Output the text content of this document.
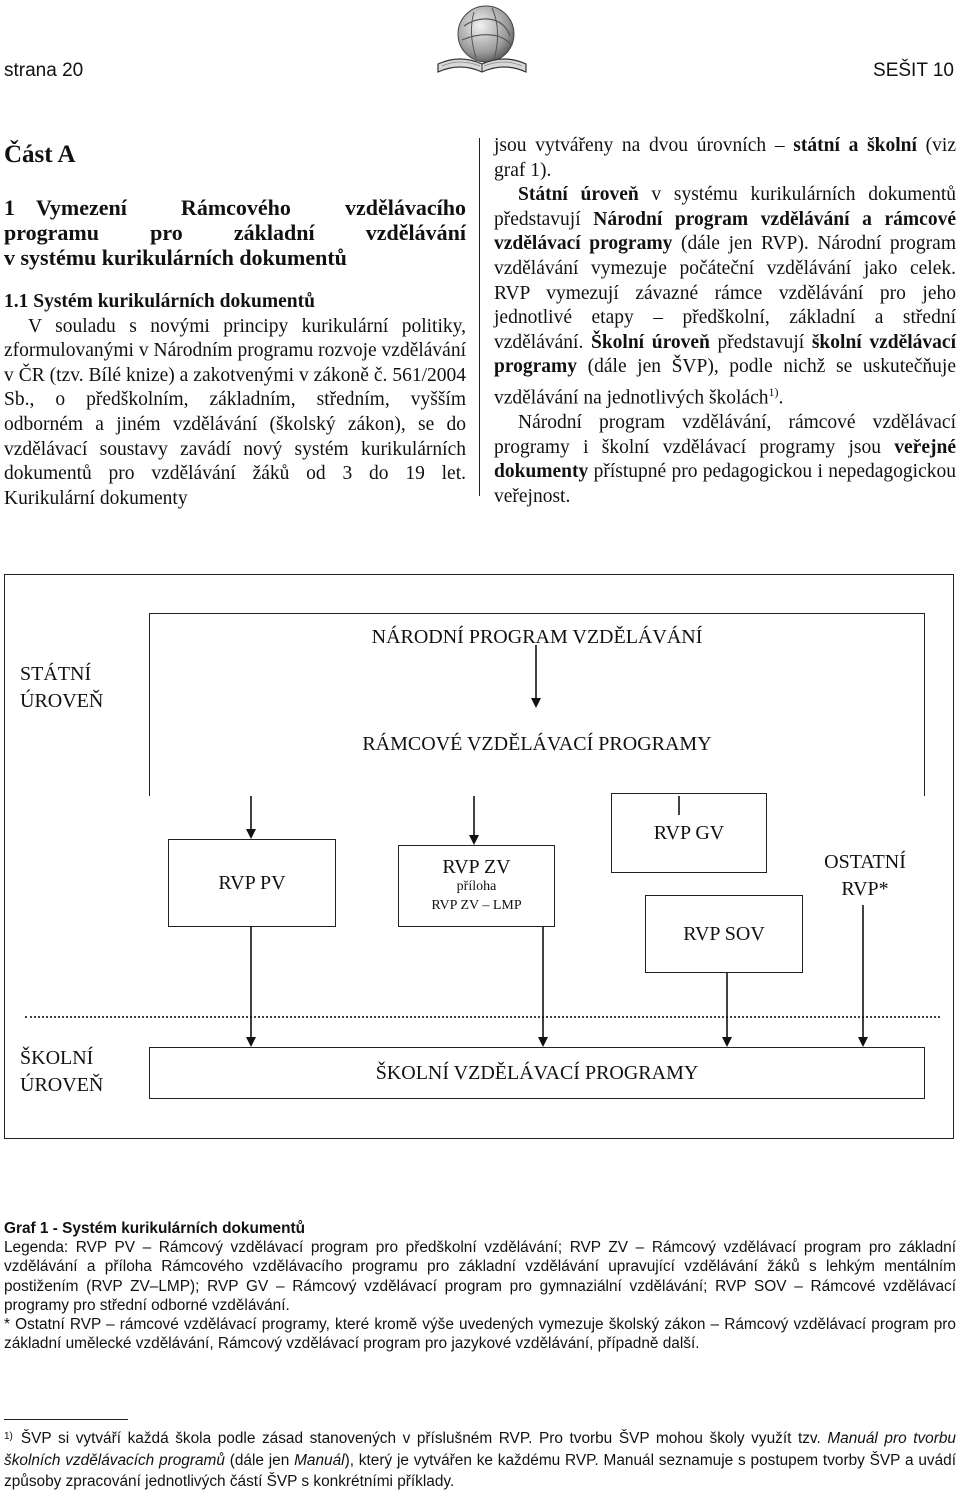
strana 20	SEŠIT 10
Část A
1 Vymezení Rámcového vzdělávacího
programu pro základní vzdělávání
v systému kurikulárních dokumentů

1.1 Systém kurikulárních dokumentů

V souladu s novými principy kurikulární politiky, zformulovanými v Národním programu rozvoje vzdělávání v ČR (tzv. Bílé knize) a zakotvenými v zákoně č. 561/2004 Sb., o předškolním, základním, středním, vyšším odborném a jiném vzdělávání (školský zákon), se do vzdělávací soustavy zavádí nový systém kurikulárních dokumentů pro vzdělávání žáků od 3 do 19 let. Kurikulární dokumenty

jsou vytvářeny na dvou úrovních – státní a školní (viz graf 1).

Státní úroveň v systému kurikulárních dokumentů představují Národní program vzdělávání a rámcové vzdělávací programy (dále jen RVP). Národní program vzdělávání vymezuje počáteční vzdělávání jako celek. RVP vymezují závazné rámce vzdělávání pro jeho jednotlivé etapy – předškolní, základní a střední vzdělávání. Školní úroveň představují školní vzdělávací programy (dále jen ŠVP), podle nichž se uskutečňuje vzdělávání na jednotlivých školách$^{1)}$.

Národní program vzdělávání, rámcové vzdělávací programy i školní vzdělávací programy jsou veřejné dokumenty přístupné pro pedagogickou i nepedagogickou veřejnost.

STÁTNÍ
ÚROVEŇ
ŠKOLNÍ
ÚROVEŇ
NÁRODNÍ PROGRAM VZDĚLÁVÁNÍ
RÁMCOVÉ VZDĚLÁVACÍ PROGRAMY
RVP PV
RVP ZV
příloha
RVP ZV – LMP
RVP GV
RVP SOV
OSTATNÍ
RVP*
ŠKOLNÍ VZDĚLÁVACÍ PROGRAMY
Graf 1 - Systém kurikulárních dokumentů
Legenda: RVP PV – Rámcový vzdělávací program pro předškolní vzdělávání; RVP ZV – Rámcový vzdělávací program pro základní vzdělávání a příloha Rámcového vzdělávacího programu pro základní vzdělávání upravující vzdělávání žáků s lehkým mentálním postižením (RVP ZV–LMP); RVP GV – Rámcový vzdělávací program pro gymnaziální vzdělávání; RVP SOV – Rámcové vzdělávací programy pro střední odborné vzdělávání.
* Ostatní RVP – rámcové vzdělávací programy, které kromě výše uvedených vymezuje školský zákon – Rámcový vzdělávací program pro základní umělecké vzdělávání, Rámcový vzdělávací program pro jazykové vzdělávání, případně další.
$^{1)}$ ŠVP si vytváří každá škola podle zásad stanovených v příslušném RVP. Pro tvorbu ŠVP mohou školy využít tzv. Manuál pro tvorbu školních vzdělávacích programů (dále jen Manuál), který je vytvářen ke každému RVP. Manuál seznamuje s postupem tvorby ŠVP a uvádí způsoby zpracování jednotlivých částí ŠVP s konkrétními příklady.
